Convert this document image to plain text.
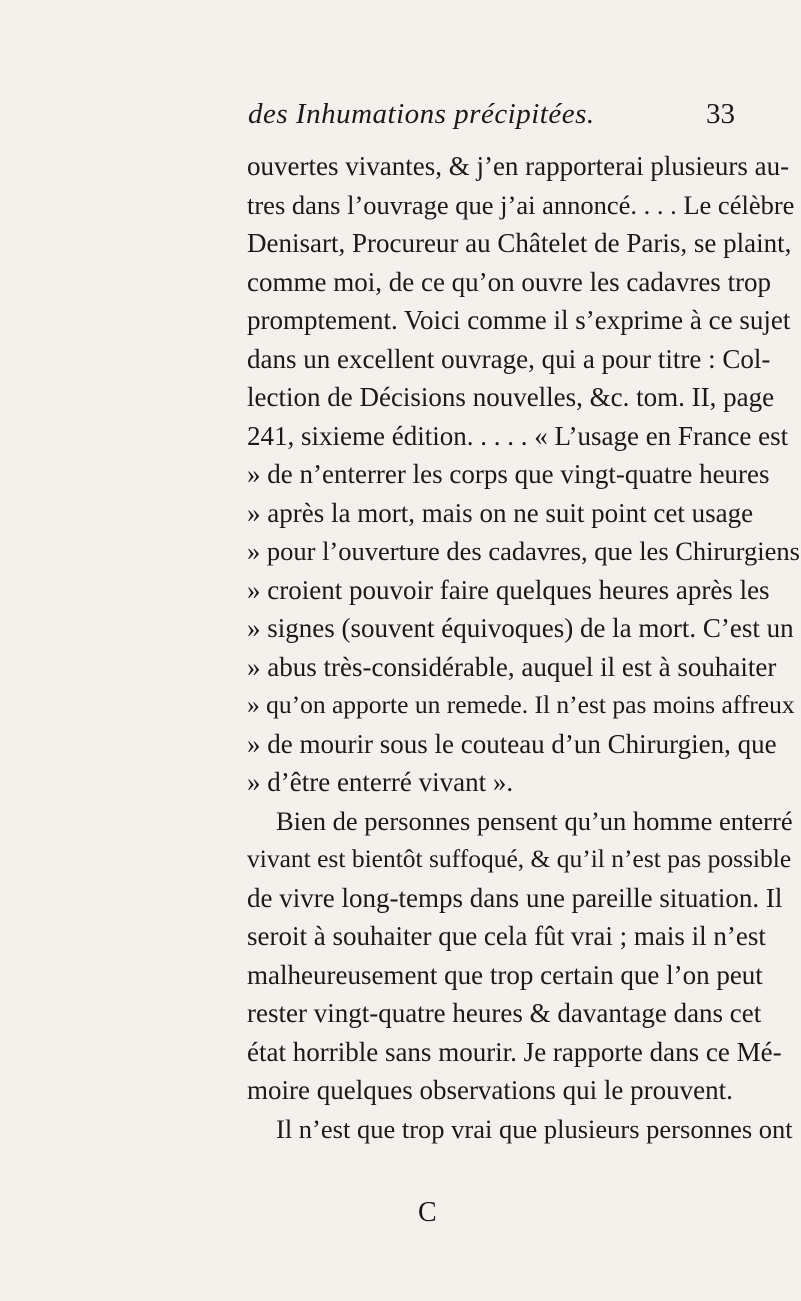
des Inhumations précipitées.	33
ouvertes vivantes, & j’en rapporterai plusieurs au-
tres dans l’ouvrage que j’ai annoncé. . . . Le célèbre
Denisart, Procureur au Châtelet de Paris, se plaint,
comme moi, de ce qu’on ouvre les cadavres trop
promptement. Voici comme il s’exprime à ce sujet
dans un excellent ouvrage, qui a pour titre : Col-
lection de Décisions nouvelles, &c. tom. II, page
241, sixieme édition. . . . . « L’usage en France est
» de n’enterrer les corps que vingt-quatre heures
» après la mort, mais on ne suit point cet usage
» pour l’ouverture des cadavres, que les Chirurgiens
» croient pouvoir faire quelques heures après les
» signes (souvent équivoques) de la mort. C’est un
» abus très-considérable, auquel il est à souhaiter
» qu’on apporte un remede. Il n’est pas moins affreux
» de mourir sous le couteau d’un Chirurgien, que
» d’être enterré vivant ».
Bien de personnes pensent qu’un homme enterré
vivant est bientôt suffoqué, & qu’il n’est pas possible
de vivre long-temps dans une pareille situation. Il
seroit à souhaiter que cela fût vrai ; mais il n’est
malheureusement que trop certain que l’on peut
rester vingt-quatre heures & davantage dans cet
état horrible sans mourir. Je rapporte dans ce Mé-
moire quelques observations qui le prouvent.
Il n’est que trop vrai que plusieurs personnes ont
C
